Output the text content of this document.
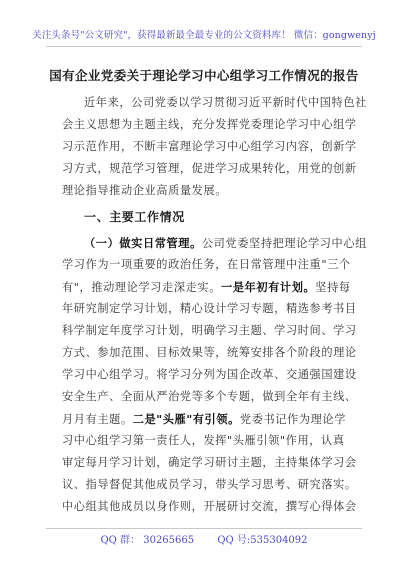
关注头条号"公文研究"，获得最新最全最专业的公文资料库！ 微信：gongwenyj
国有企业党委关于理论学习中心组学习工作情况的报告
近年来，公司党委以学习贯彻习近平新时代中国特色社
会主义思想为主题主线，充分发挥党委理论学习中心组学
习示范作用，不断丰富理论学习中心组学习内容，创新学
习方式，规范学习管理，促进学习成果转化，用党的创新
理论指导推动企业高质量发展。
一、主要工作情况
（一）做实日常管理。公司党委坚持把理论学习中心组
学习作为一项重要的政治任务，在日常管理中注重"三个
有"，推动理论学习走深走实。一是年初有计划。坚持每
年研究制定学习计划，精心设计学习专题，精选参考书目
科学制定年度学习计划，明确学习主题、学习时间、学习
方式、参加范围、目标效果等，统筹安排各个阶段的理论
学习中心组学习。将学习分列为国企改革、交通强国建设
安全生产、全面从严治党等多个专题，做到全年有主线、
月月有主题。二是"头雁"有引领。党委书记作为理论学
习中心组学习第一责任人，发挥"头雁引领"作用，认真
审定每月学习计划，确定学习研讨主题，主持集体学习会
议、指导督促其他成员学习，带头学习思考、研究落实。
中心组其他成员以身作则，开展研讨交流，撰写心得体会
QQ 群： 30265665 QQ 号:535304092
